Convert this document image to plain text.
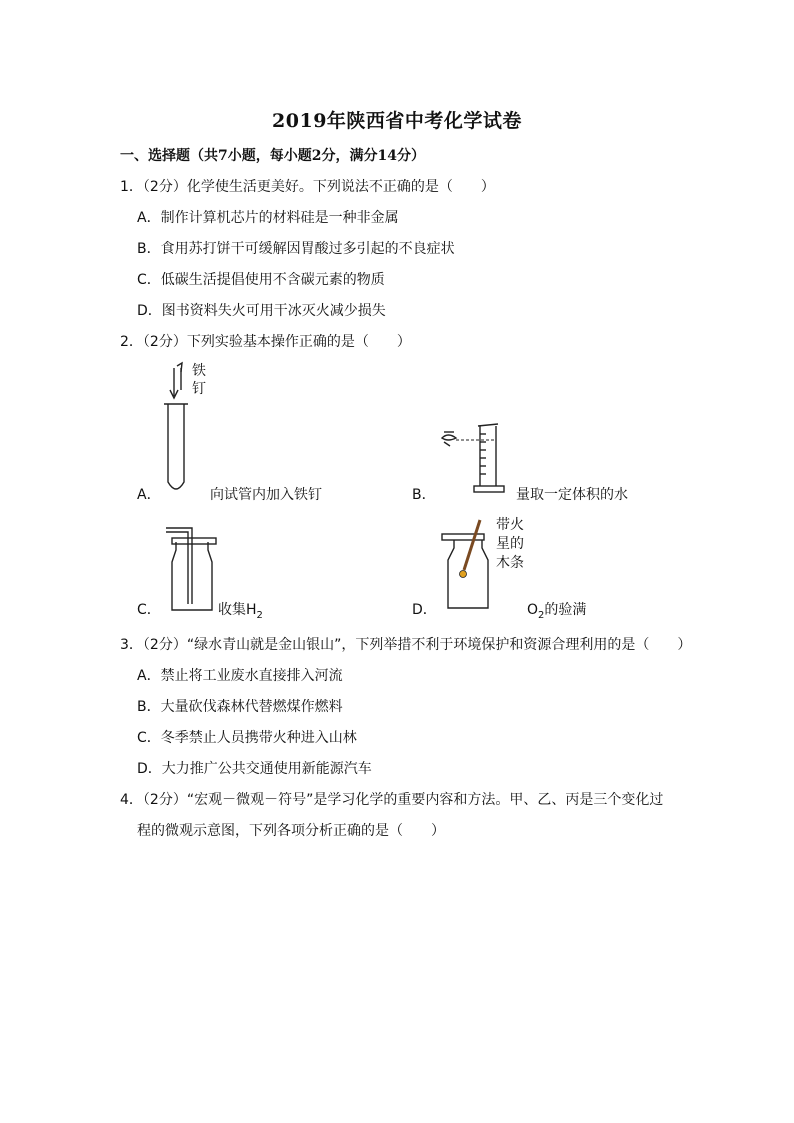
2019年陕西省中考化学试卷
一、选择题（共7小题，每小题2分，满分14分）
1．（2分）化学使生活更美好。下列说法不正确的是（　　）
A．制作计算机芯片的材料硅是一种非金属
B．食用苏打饼干可缓解因胃酸过多引起的不良症状
C．低碳生活提倡使用不含碳元素的物质
D．图书资料失火可用干冰灭火减少损失
2．（2分）下列实验基本操作正确的是（　　）
铁
钉
A．	向试管内加入铁钉	B．	量取一定体积的水
C．	收集$H_2$
带火
星的
木条
D．	$O_2$的验满
3．（2分）“绿水青山就是金山银山”，下列举措不利于环境保护和资源合理利用的是（　　）
A．禁止将工业废水直接排入河流
B．大量砍伐森林代替燃煤作燃料
C．冬季禁止人员携带火种进入山林
D．大力推广公共交通使用新能源汽车
4．（2分）“宏观－微观－符号”是学习化学的重要内容和方法。甲、乙、丙是三个变化过
程的微观示意图，下列各项分析正确的是（　　）
